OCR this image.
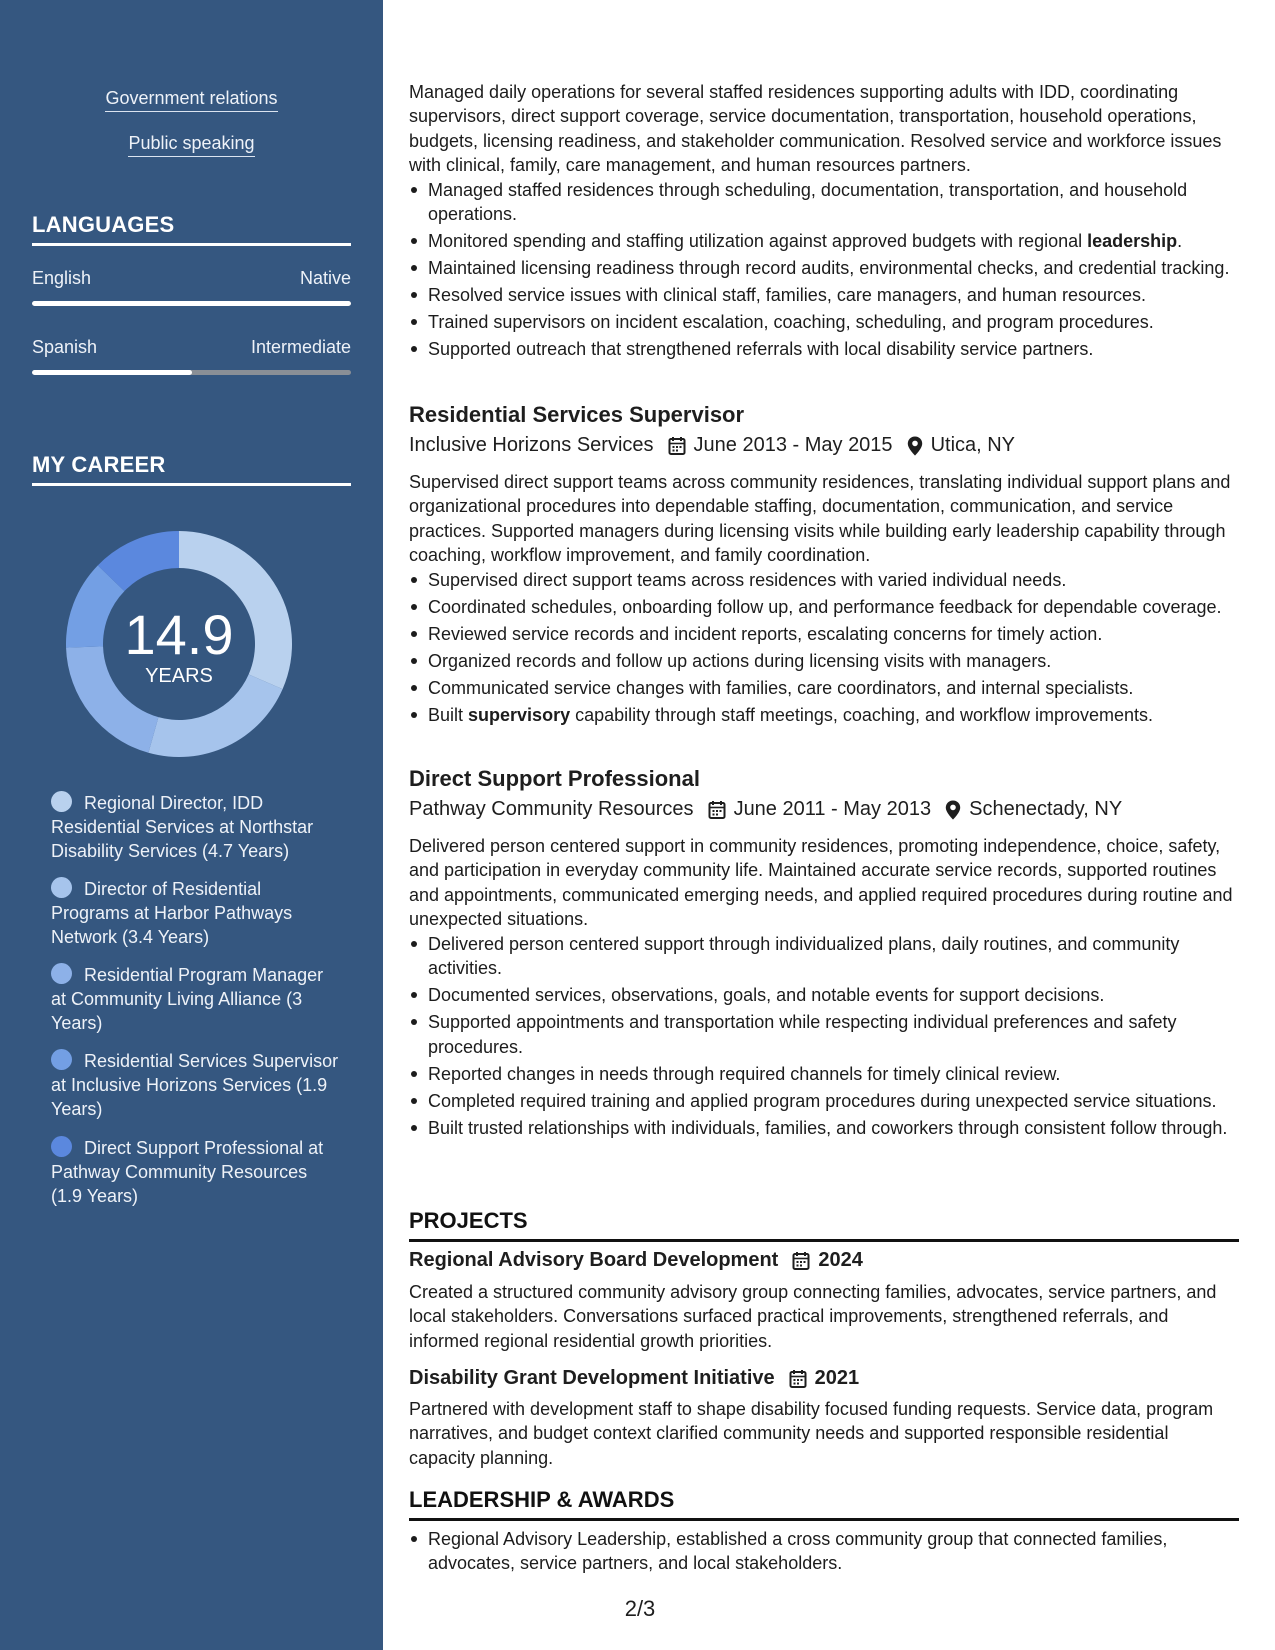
Government relations
Public speaking
LANGUAGES
English	Native
Spanish	Intermediate
MY CAREER
14.9
YEARS
Regional Director, IDD Residential Services at Northstar Disability Services (4.7 Years)
Director of Residential Programs at Harbor Pathways Network (3.4 Years)
Residential Program Manager at Community Living Alliance (3 Years)
Residential Services Supervisor at Inclusive Horizons Services (1.9 Years)
Direct Support Professional at Pathway Community Resources (1.9 Years)

Managed daily operations for several staffed residences supporting adults with IDD, coordinating supervisors, direct support coverage, service documentation, transportation, household operations, budgets, licensing readiness, and stakeholder communication. Resolved service and workforce issues with clinical, family, care management, and human resources partners.

Managed staffed residences through scheduling, documentation, transportation, and household operations.
Monitored spending and staffing utilization against approved budgets with regional leadership.
Maintained licensing readiness through record audits, environmental checks, and credential tracking.
Resolved service issues with clinical staff, families, care managers, and human resources.
Trained supervisors on incident escalation, coaching, scheduling, and program procedures.
Supported outreach that strengthened referrals with local disability service partners.
Residential Services Supervisor
Inclusive Horizons Services June 2013 - May 2015 Utica, NY

Supervised direct support teams across community residences, translating individual support plans and organizational procedures into dependable staffing, documentation, communication, and service practices. Supported managers during licensing visits while building early leadership capability through coaching, workflow improvement, and family coordination.

Supervised direct support teams across residences with varied individual needs.
Coordinated schedules, onboarding follow up, and performance feedback for dependable coverage.
Reviewed service records and incident reports, escalating concerns for timely action.
Organized records and follow up actions during licensing visits with managers.
Communicated service changes with families, care coordinators, and internal specialists.
Built supervisory capability through staff meetings, coaching, and workflow improvements.
Direct Support Professional
Pathway Community Resources June 2011 - May 2013 Schenectady, NY

Delivered person centered support in community residences, promoting independence, choice, safety, and participation in everyday community life. Maintained accurate service records, supported routines and appointments, communicated emerging needs, and applied required procedures during routine and unexpected situations.

Delivered person centered support through individualized plans, daily routines, and community activities.
Documented services, observations, goals, and notable events for support decisions.
Supported appointments and transportation while respecting individual preferences and safety procedures.
Reported changes in needs through required channels for timely clinical review.
Completed required training and applied program procedures during unexpected service situations.
Built trusted relationships with individuals, families, and coworkers through consistent follow through.
PROJECTS
Regional Advisory Board Development 2024

Created a structured community advisory group connecting families, advocates, service partners, and local stakeholders. Conversations surfaced practical improvements, strengthened referrals, and informed regional residential growth priorities.

Disability Grant Development Initiative 2021

Partnered with development staff to shape disability focused funding requests. Service data, program narratives, and budget context clarified community needs and supported responsible residential capacity planning.

LEADERSHIP & AWARDS
Regional Advisory Leadership, established a cross community group that connected families, advocates, service partners, and local stakeholders.
2/3
